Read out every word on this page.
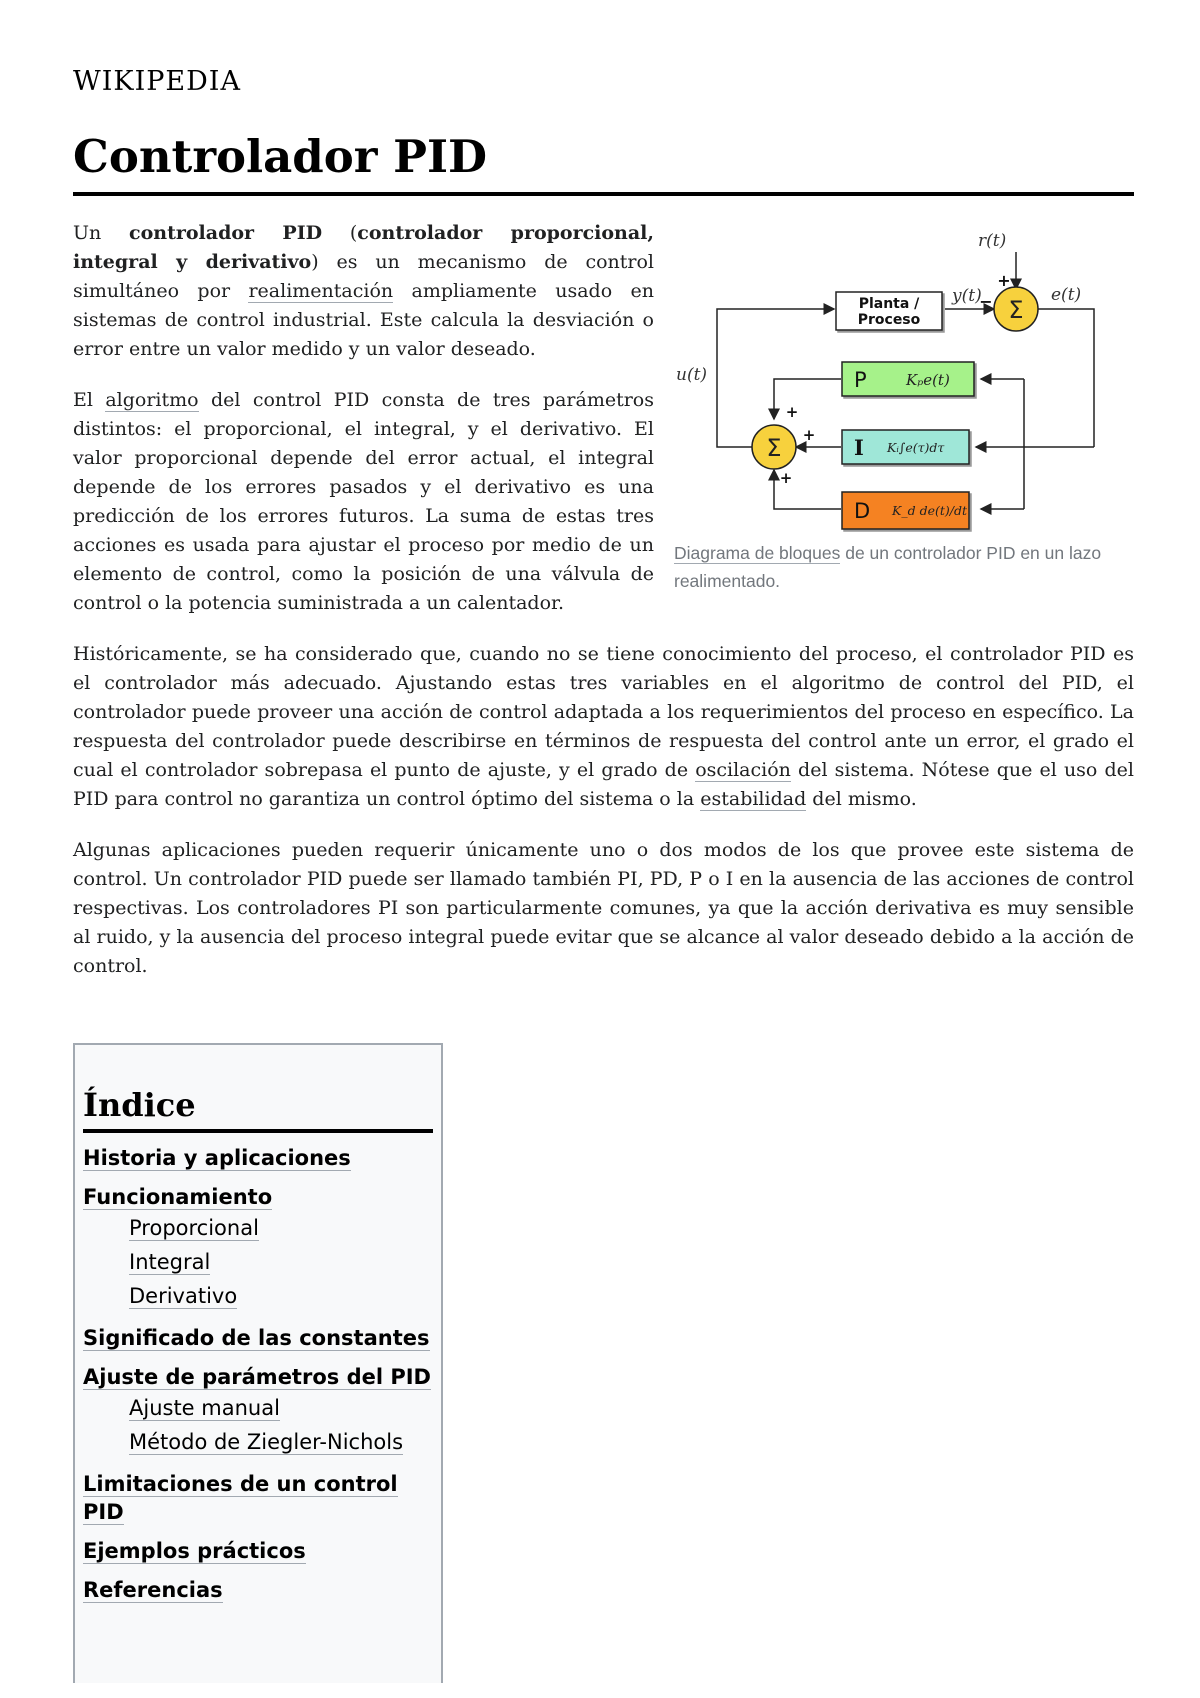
WIKIPEDIA
Controlador PID
Planta /
Proceso	Σ
+
−
r(t)
y(t)	e(t)
u(t)	P	Kₚe(t)
I Kᵢ∫e(τ)dτ
D K_d de(t)/dt
Σ
+
+
+
Diagrama de bloques de un controlador PID en un lazo realimentado.

Un controlador PID (controlador proporcional, integral y derivativo) es un mecanismo de control simultáneo por realimentación ampliamente usado en sistemas de control industrial. Este calcula la desviación o error entre un valor medido y un valor deseado.

El algoritmo del control PID consta de tres parámetros distintos: el proporcional, el integral, y el derivativo. El valor proporcional depende del error actual, el integral depende de los errores pasados y el derivativo es una predicción de los errores futuros. La suma de estas tres acciones es usada para ajustar el proceso por medio de un elemento de control, como la posición de una válvula de control o la potencia suministrada a un calentador.

Históricamente, se ha considerado que, cuando no se tiene conocimiento del proceso, el controlador PID es el controlador más adecuado. Ajustando estas tres variables en el algoritmo de control del PID, el controlador puede proveer una acción de control adaptada a los requerimientos del proceso en específico. La respuesta del controlador puede describirse en términos de respuesta del control ante un error, el grado el cual el controlador sobrepasa el punto de ajuste, y el grado de oscilación del sistema. Nótese que el uso del PID para control no garantiza un control óptimo del sistema o la estabilidad del mismo.

Algunas aplicaciones pueden requerir únicamente uno o dos modos de los que provee este sistema de control. Un controlador PID puede ser llamado también PI, PD, P o I en la ausencia de las acciones de control respectivas. Los controladores PI son particularmente comunes, ya que la acción derivativa es muy sensible al ruido, y la ausencia del proceso integral puede evitar que se alcance al valor deseado debido a la acción de control.

Índice
Historia y aplicaciones
Funcionamiento
Proporcional
Integral
Derivativo
Significado de las constantes
Ajuste de parámetros del PID
Ajuste manual
Método de Ziegler-Nichols
Limitaciones de un control PID
Ejemplos prácticos
Referencias
